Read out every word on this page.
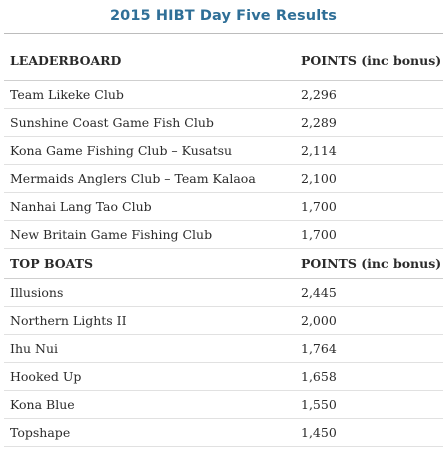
2015 HIBT Day Five Results
LEADERBOARD	POINTS (inc bonus)
Team Likeke Club	2,296
Sunshine Coast Game Fish Club	2,289
Kona Game Fishing Club – Kusatsu	2,114
Mermaids Anglers Club – Team Kalaoa	2,100
Nanhai Lang Tao Club	1,700
New Britain Game Fishing Club	1,700
TOP BOATS	POINTS (inc bonus)
Illusions	2,445
Northern Lights II	2,000
Ihu Nui	1,764
Hooked Up	1,658
Kona Blue	1,550
Topshape	1,450
